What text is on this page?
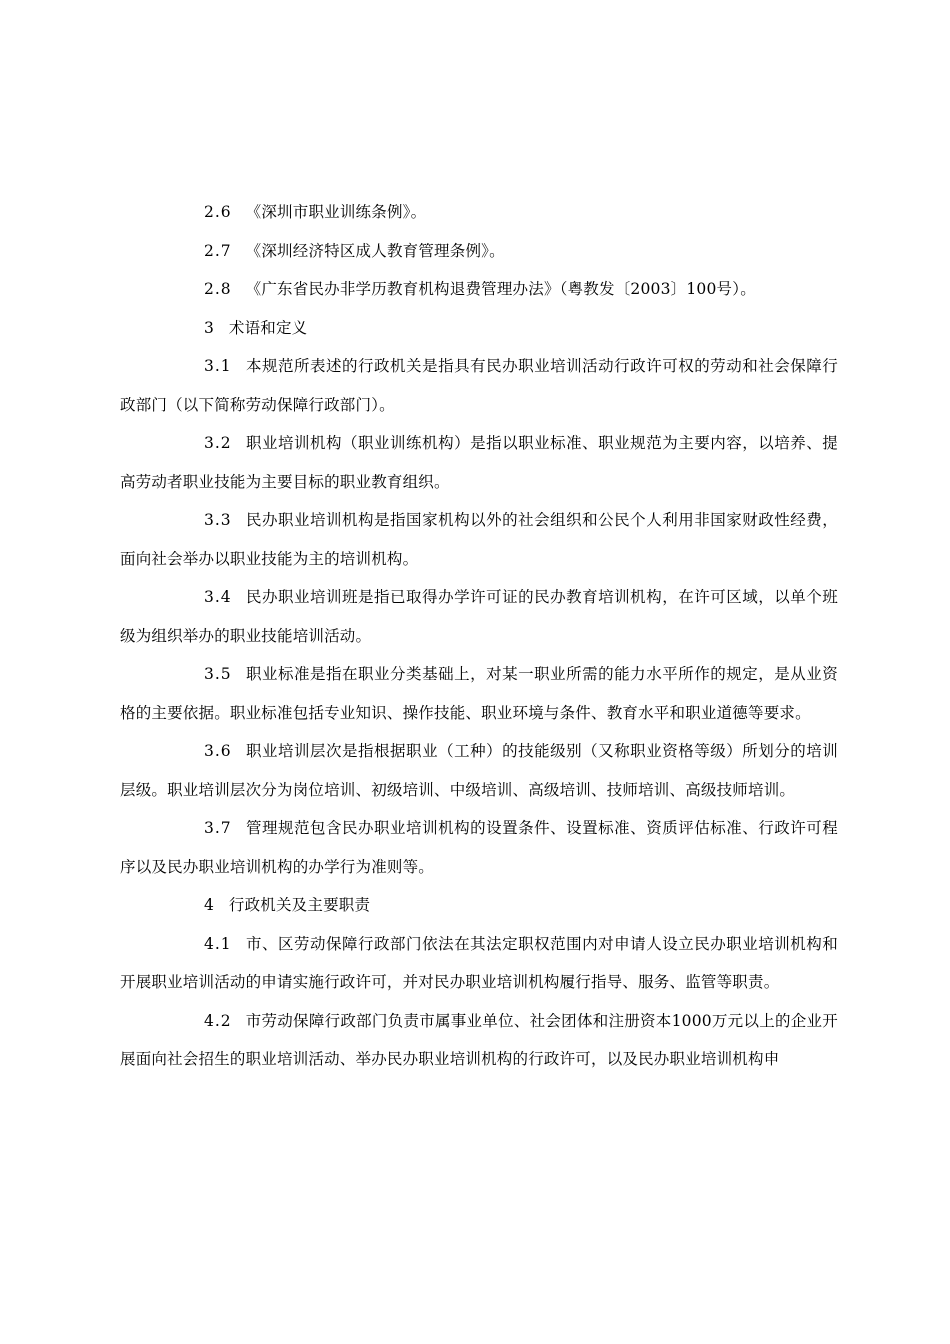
2.6 《深圳市职业训练条例》。

2.7 《深圳经济特区成人教育管理条例》。

2.8 《广东省民办非学历教育机构退费管理办法》（粤教发〔2003〕100号）。

3 术语和定义

3.1 本规范所表述的行政机关是指具有民办职业培训活动行政许可权的劳动和社会保障行政部门（以下简称劳动保障行政部门）。

3.2 职业培训机构（职业训练机构）是指以职业标准、职业规范为主要内容，以培养、提高劳动者职业技能为主要目标的职业教育组织。

3.3 民办职业培训机构是指国家机构以外的社会组织和公民个人利用非国家财政性经费，面向社会举办以职业技能为主的培训机构。

3.4 民办职业培训班是指已取得办学许可证的民办教育培训机构，在许可区域，以单个班级为组织举办的职业技能培训活动。

3.5 职业标准是指在职业分类基础上，对某一职业所需的能力水平所作的规定，是从业资格的主要依据。职业标准包括专业知识、操作技能、职业环境与条件、教育水平和职业道德等要求。

3.6 职业培训层次是指根据职业（工种）的技能级别（又称职业资格等级）所划分的培训层级。职业培训层次分为岗位培训、初级培训、中级培训、高级培训、技师培训、高级技师培训。

3.7 管理规范包含民办职业培训机构的设置条件、设置标准、资质评估标准、行政许可程序以及民办职业培训机构的办学行为准则等。

4 行政机关及主要职责

4.1 市、区劳动保障行政部门依法在其法定职权范围内对申请人设立民办职业培训机构和开展职业培训活动的申请实施行政许可，并对民办职业培训机构履行指导、服务、监管等职责。

4.2 市劳动保障行政部门负责市属事业单位、社会团体和注册资本1000万元以上的企业开展面向社会招生的职业培训活动、举办民办职业培训机构的行政许可，以及民办职业培训机构申
